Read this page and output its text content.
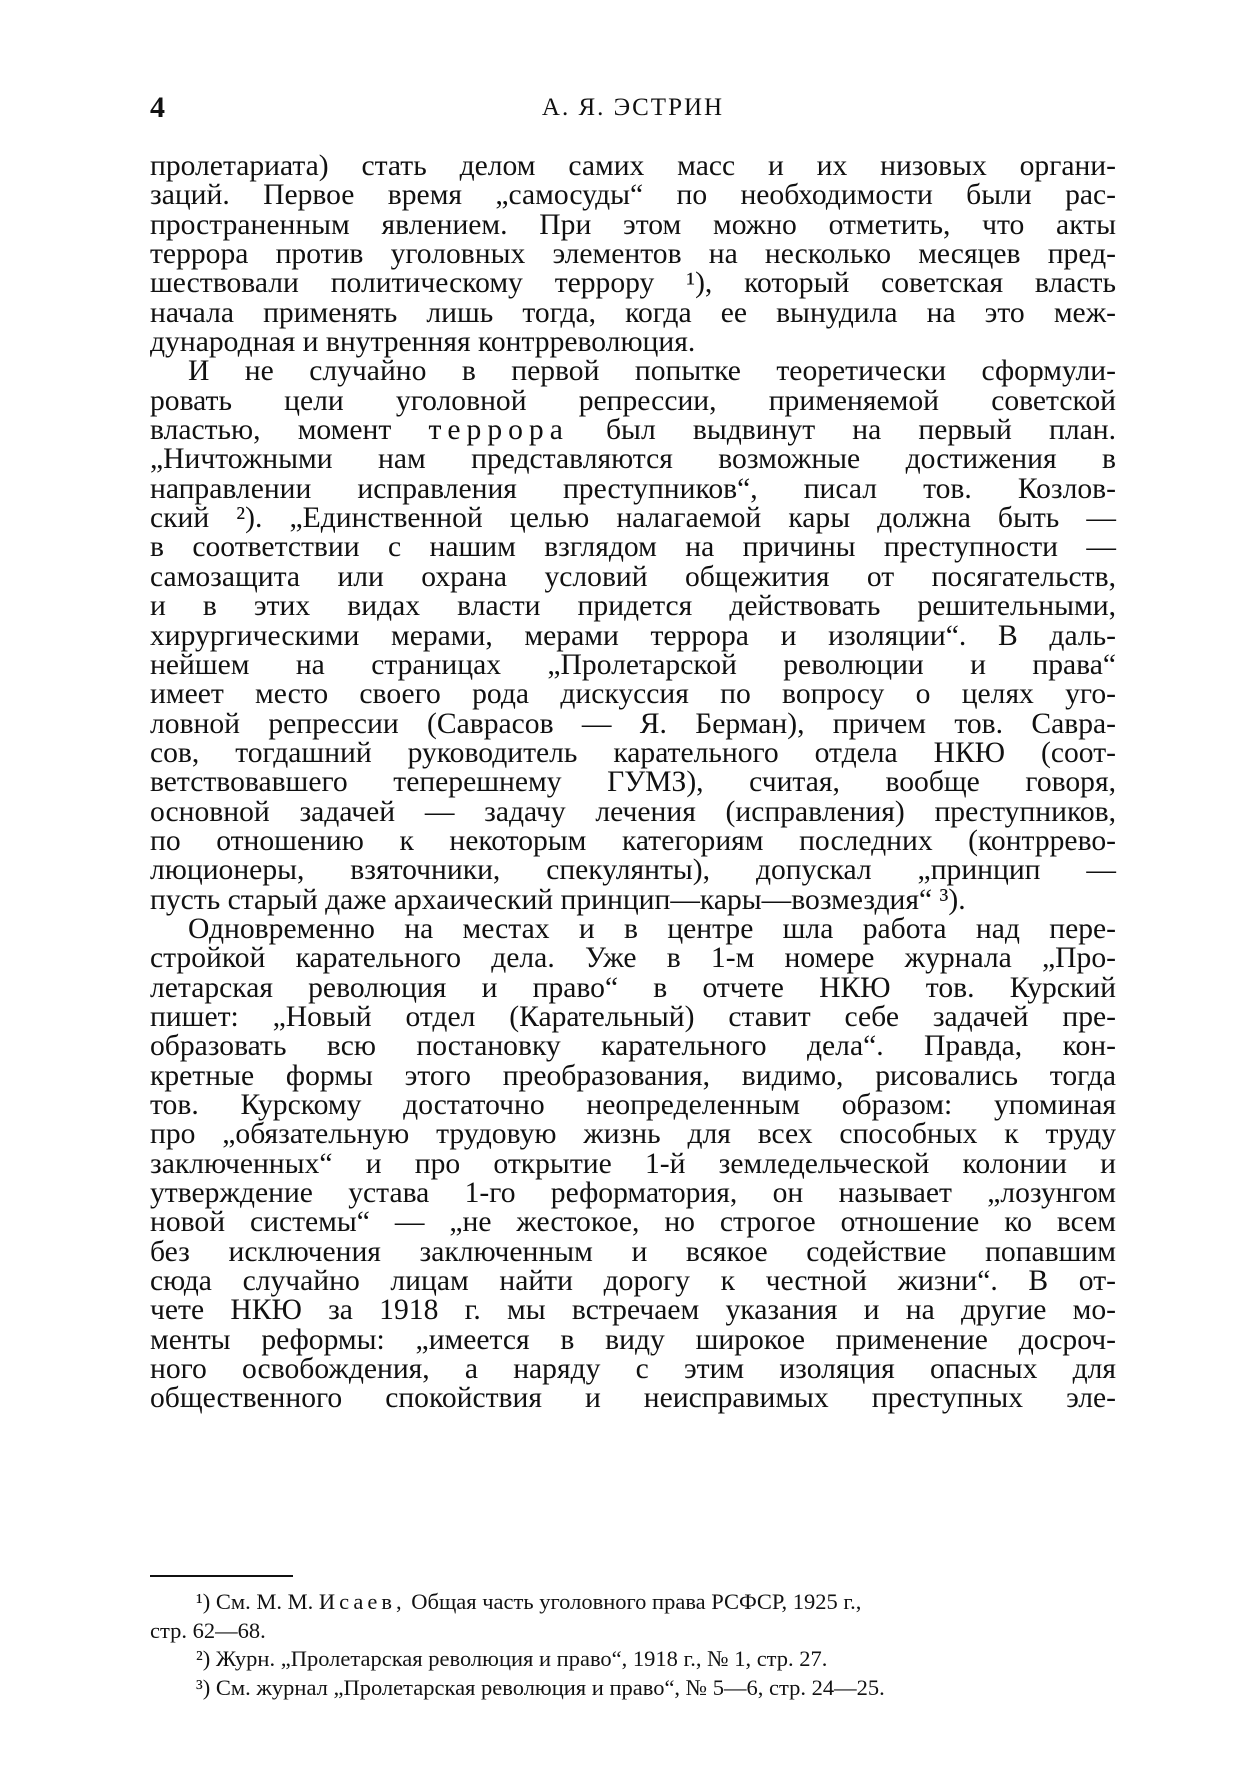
4	А. Я. ЭСТРИН

пролетариата) стать делом самих масс и их низовых органи-

заций. Первое время „самосуды“ по необходимости были рас-

пространенным явлением. При этом можно отметить, что акты

террора против уголовных элементов на несколько месяцев пред-

шествовали политическому террору ¹), который советская власть

начала применять лишь тогда, когда ее вынудила на это меж-

дународная и внутренняя контрреволюция.

И не случайно в первой попытке теоретически сформули-

ровать цели уголовной репрессии, применяемой советской

властью, момент террора был выдвинут на первый план.

„Ничтожными нам представляются возможные достижения в

направлении исправления преступников“, писал тов. Козлов-

ский ²). „Единственной целью налагаемой кары должна быть —

в соответствии с нашим взглядом на причины преступности —

самозащита или охрана условий общежития от посягательств,

и в этих видах власти придется действовать решительными,

хирургическими мерами, мерами террора и изоляции“. В даль-

нейшем на страницах „Пролетарской революции и права“

имеет место своего рода дискуссия по вопросу о целях уго-

ловной репрессии (Саврасов — Я. Берман), причем тов. Савра-

сов, тогдашний руководитель карательного отдела НКЮ (соот-

ветствовавшего теперешнему ГУМЗ), считая, вообще говоря,

основной задачей — задачу лечения (исправления) преступников,

по отношению к некоторым категориям последних (контррево-

люционеры, взяточники, спекулянты), допускал „принцип —

пусть старый даже архаический принцип—кары—возмездия“ ³).

Одновременно на местах и в центре шла работа над пере-

стройкой карательного дела. Уже в 1-м номере журнала „Про-

летарская революция и право“ в отчете НКЮ тов. Курский

пишет: „Новый отдел (Карательный) ставит себе задачей пре-

образовать всю постановку карательного дела“. Правда, кон-

кретные формы этого преобразования, видимо, рисовались тогда

тов. Курскому достаточно неопределенным образом: упоминая

про „обязательную трудовую жизнь для всех способных к труду

заключенных“ и про открытие 1-й земледельческой колонии и

утверждение устава 1-го реформатория, он называет „лозунгом

новой системы“ — „не жестокое, но строгое отношение ко всем

без исключения заключенным и всякое содействие попавшим

сюда случайно лицам найти дорогу к честной жизни“. В от-

чете НКЮ за 1918 г. мы встречаем указания и на другие мо-

менты реформы: „имеется в виду широкое применение досроч-

ного освобождения, а наряду с этим изоляция опасных для

общественного спокойствия и неисправимых преступных эле-

¹) См. М. М. Исаев, Общая часть уголовного права РСФСР, 1925 г.,

стр. 62—68.

²) Журн. „Пролетарская революция и право“, 1918 г., № 1, стр. 27.

³) См. журнал „Пролетарская революция и право“, № 5—6, стр. 24—25.
